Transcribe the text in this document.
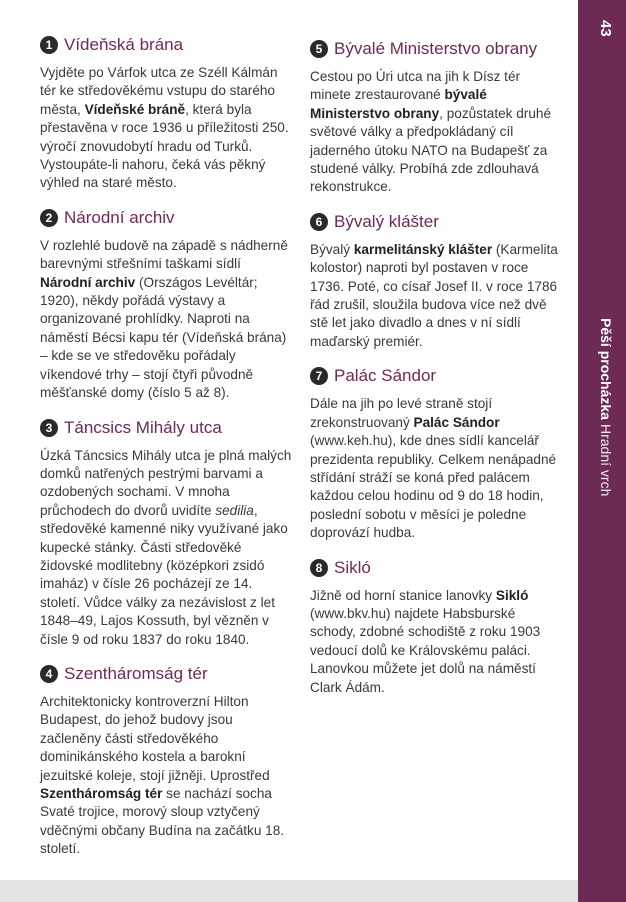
1 Vídeňská brána

Vyjděte po Várfok utca ze Széll Kálmán tér ke středověkému vstupu do starého města, Vídeňské bráně, která byla přestavěna v roce 1936 u příležitosti 250. výročí znovudobytí hradu od Turků. Vystoupáte-li nahoru, čeká vás pěkný výhled na staré město.

2 Národní archiv

V rozlehlé budově na západě s nádherně barevnými střešními taškami sídlí Národní archiv (Országos Levéltár; 1920), někdy pořádá výstavy a organizované prohlídky. Naproti na náměstí Bécsi kapu tér (Vídeňská brána) – kde se ve středověku pořádaly víkendové trhy – stojí čtyři původně měšťanské domy (číslo 5 až 8).

3 Táncsics Mihály utca

Úzká Táncsics Mihály utca je plná malých domků natřených pestrými barvami a ozdobených sochami. V mnoha průchodech do dvorů uvidíte sedilia, středověké kamenné niky využívané jako kupecké stánky. Části středověké židovské modlitebny (középkori zsidó imaház) v čísle 26 pocházejí ze 14. století. Vůdce války za nezávislost z let 1848–49, Lajos Kossuth, byl vězněn v čísle 9 od roku 1837 do roku 1840.

4 Szentháromság tér

Architektonicky kontroverzní Hilton Budapest, do jehož budovy jsou začleněny části středověkého dominikánského kostela a barokní jezuitské koleje, stojí jižněji. Uprostřed Szentháromság tér se nachází socha Svaté trojice, morový sloup vztyčený vděčnými občany Budína na začátku 18. století.

5 Bývalé Ministerstvo obrany

Cestou po Úri utca na jih k Dísz tér minete zrestaurované bývalé Ministerstvo obrany, pozůstatek druhé světové války a předpokládaný cíl jaderného útoku NATO na Budapešť za studené války. Probíhá zde zdlouhavá rekonstrukce.

6 Bývalý klášter

Bývalý karmelitánský klášter (Karmelita kolostor) naproti byl postaven v roce 1736. Poté, co císař Josef II. v roce 1786 řád zrušil, sloužila budova více než dvě stě let jako divadlo a dnes v ní sídlí maďarský premiér.

7 Palác Sándor

Dále na jih po levé straně stojí zrekonstruovaný Palác Sándor (www.keh.hu), kde dnes sídlí kancelář prezidenta republiky. Celkem nenápadné střídání stráží se koná před palácem každou celou hodinu od 9 do 18 hodin, poslední sobotu v měsíci je poledne doprovází hudba.

8 Sikló

Jižně od horní stanice lanovky Sikló (www.bkv.hu) najdete Habsburské schody, zdobné schodiště z roku 1903 vedoucí dolů ke Královskému paláci. Lanovkou můžete jet dolů na náměstí Clark Ádám.

43
Pěší procházka Hradní vrch
